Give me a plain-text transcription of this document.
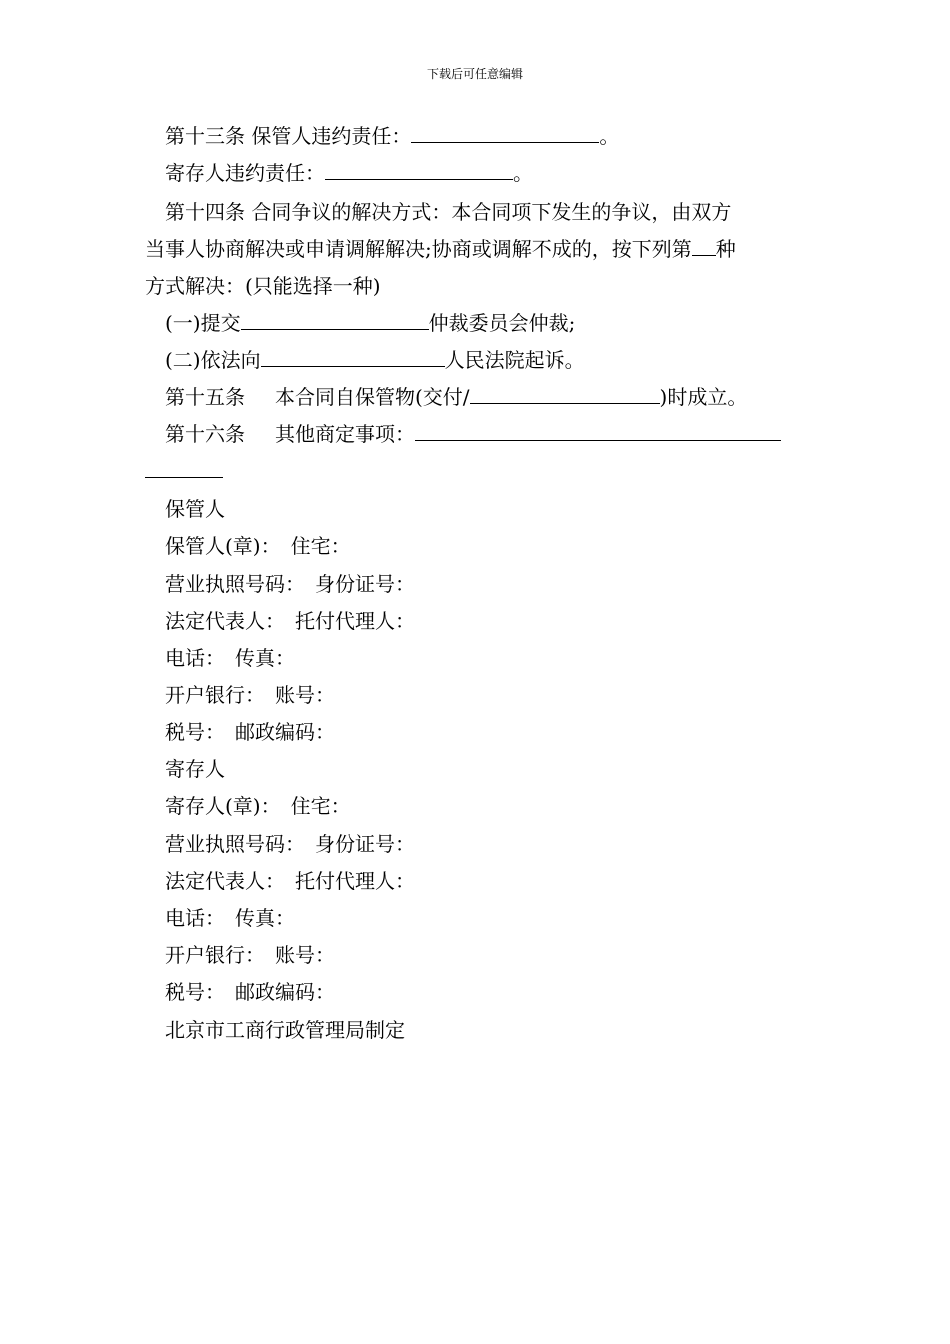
下载后可任意编辑
第十三条 保管人违约责任：	。
寄存人违约责任：	。
第十四条 合同争议的解决方式：本合同项下发生的争议，由双方
当事人协商解决或申请调解解决;协商或调解不成的，按下列第 种
方式解决：(只能选择一种)
(一)提交	仲裁委员会仲裁;
(二)依法向	人民法院起诉。
第十五条 本合同自保管物(交付/	)时成立。
第十六条 其他商定事项：
保管人
保管人(章)： 住宅：
营业执照号码： 身份证号：
法定代表人： 托付代理人：
电话： 传真：
开户银行： 账号：
税号： 邮政编码：
寄存人
寄存人(章)： 住宅：
营业执照号码： 身份证号：
法定代表人： 托付代理人：
电话： 传真：
开户银行： 账号：
税号： 邮政编码：
北京市工商行政管理局制定
